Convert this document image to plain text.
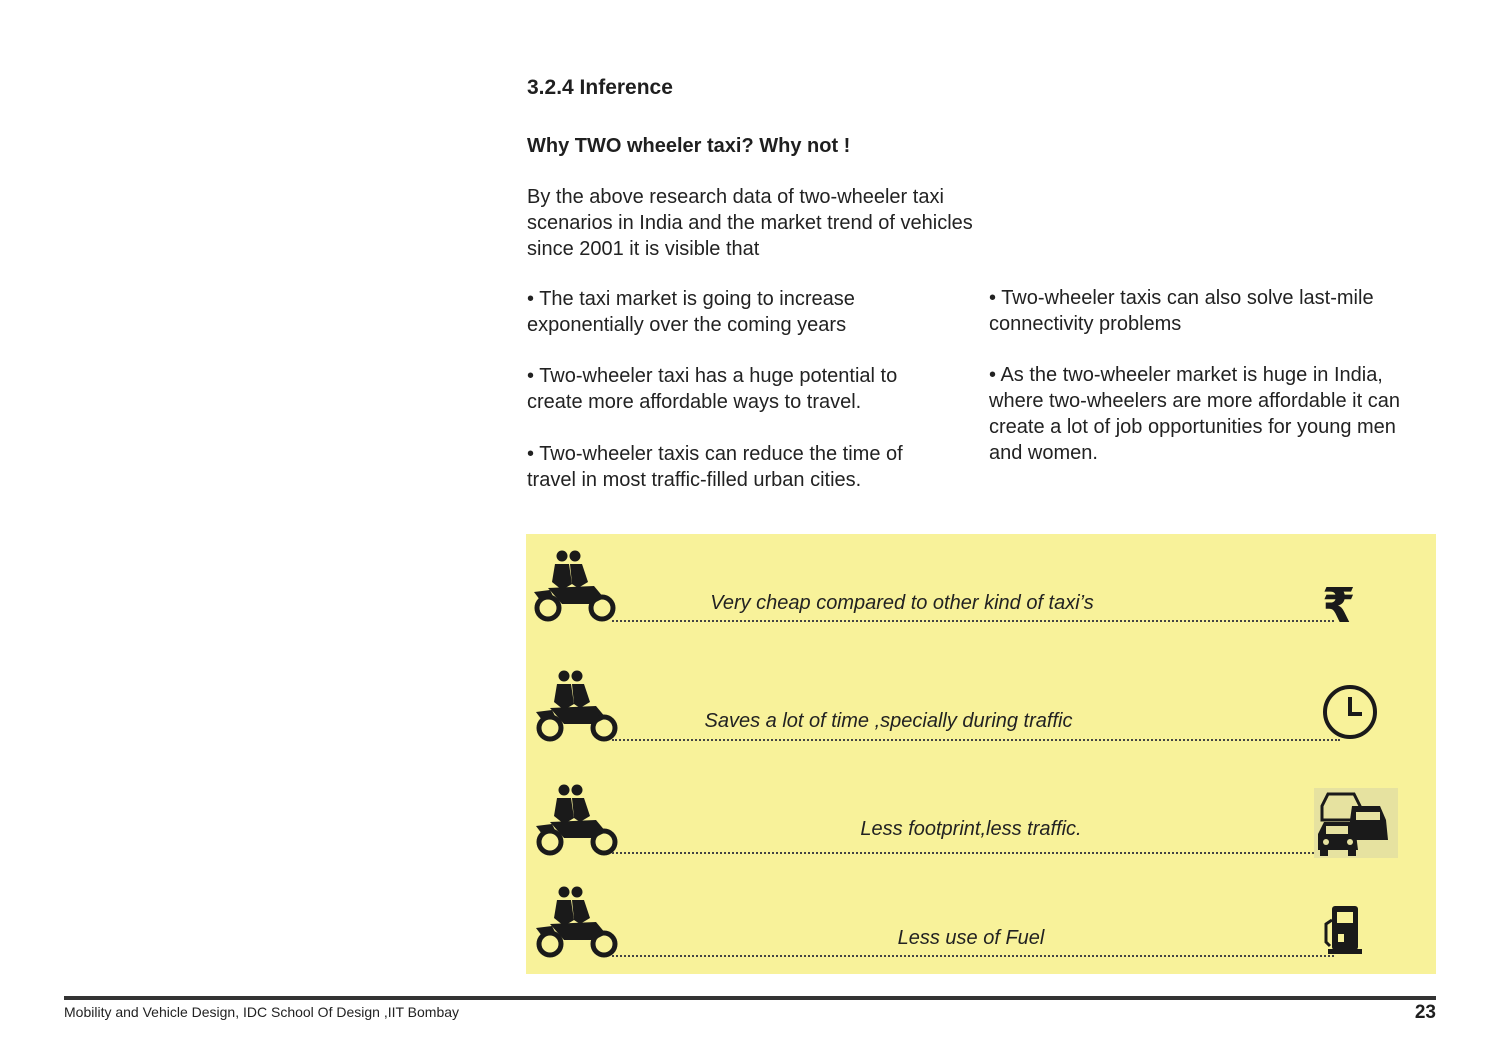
3.2.4 Inference
Why TWO wheeler taxi? Why not !
By the above research data of two-wheeler taxi scenarios in India and the market trend of vehicles since 2001 it is visible that
• The taxi market is going to increase exponentially over the coming years
• Two-wheeler taxi has a huge potential to create more affordable ways to travel.
• Two-wheeler taxis can reduce the time of travel in most traffic-filled urban cities.
• Two-wheeler taxis can also solve last-mile connectivity problems
• As the two-wheeler market is huge in India, where two-wheelers are more affordable it can create a lot of job opportunities for young men and women.
Very cheap compared to other kind of taxi’s	₹
Saves a lot of time ,specially during traffic
Less footprint,less traffic.
Less use of Fuel
Mobility and Vehicle Design, IDC School Of Design ,IIT Bombay	23
